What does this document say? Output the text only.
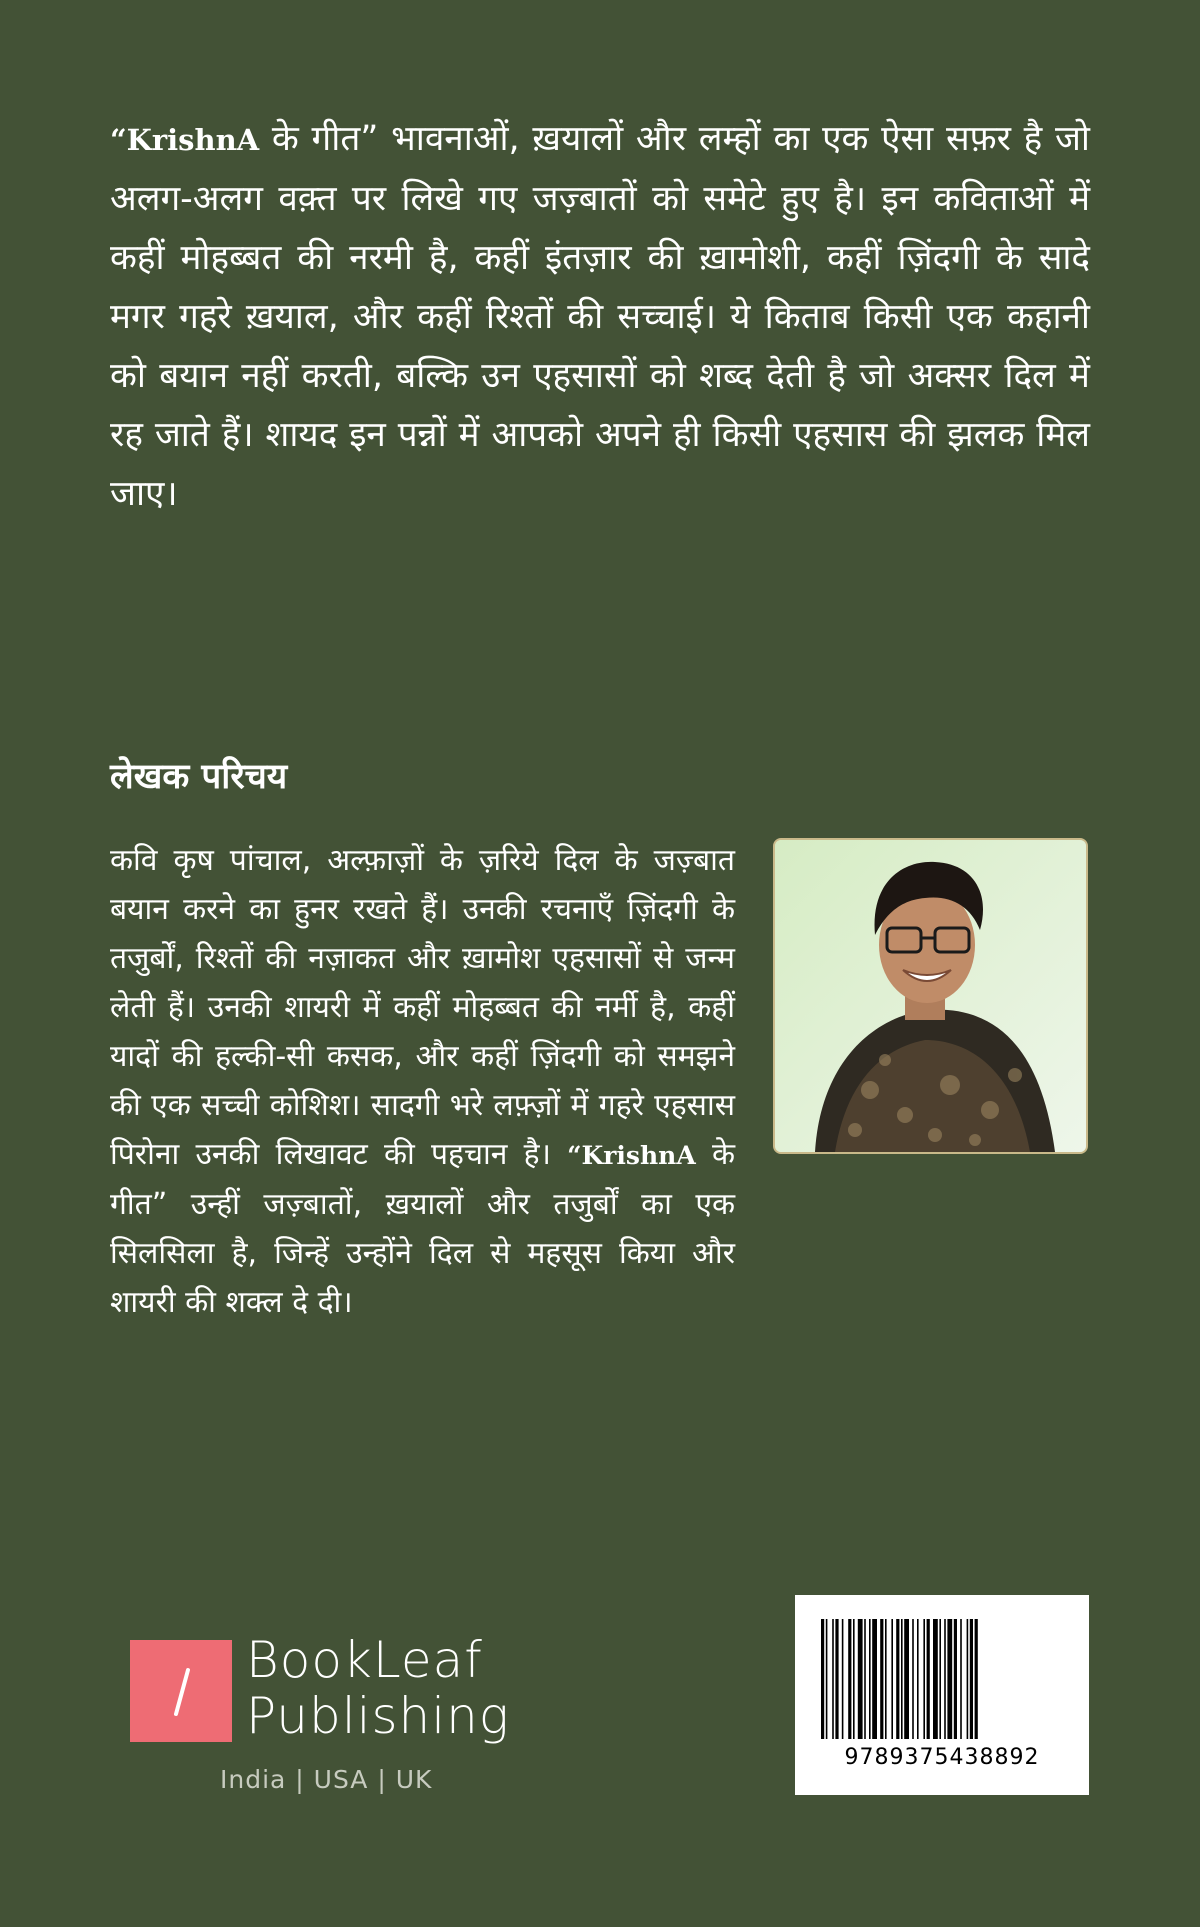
“KrishnA के गीत” भावनाओं, ख़यालों और लम्हों का एक ऐसा सफ़र है जो अलग-अलग वक़्त पर लिखे गए जज़्बातों को समेटे हुए है। इन कविताओं में कहीं मोहब्बत की नरमी है, कहीं इंतज़ार की ख़ामोशी, कहीं ज़िंदगी के सादे मगर गहरे ख़याल, और कहीं रिश्तों की सच्चाई। ये किताब किसी एक कहानी को बयान नहीं करती, बल्कि उन एहसासों को शब्द देती है जो अक्सर दिल में रह जाते हैं। शायद इन पन्नों में आपको अपने ही किसी एहसास की झलक मिल जाए।

लेखक परिचय

कवि कृष पांचाल, अल्फ़ाज़ों के ज़रिये दिल के जज़्बात बयान करने का हुनर रखते हैं। उनकी रचनाएँ ज़िंदगी के तजुर्बों, रिश्तों की नज़ाकत और ख़ामोश एहसासों से जन्म लेती हैं। उनकी शायरी में कहीं मोहब्बत की नर्मी है, कहीं यादों की हल्की-सी कसक, और कहीं ज़िंदगी को समझने की एक सच्ची कोशिश। सादगी भरे लफ़्ज़ों में गहरे एहसास पिरोना उनकी लिखावट की पहचान है। “KrishnA के गीत” उन्हीं जज़्बातों, ख़यालों और तजुर्बों का एक सिलसिला है, जिन्हें उन्होंने दिल से महसूस किया और शायरी की शक्ल दे दी।

BookLeaf
Publishing
India | USA | UK
9789375438892
